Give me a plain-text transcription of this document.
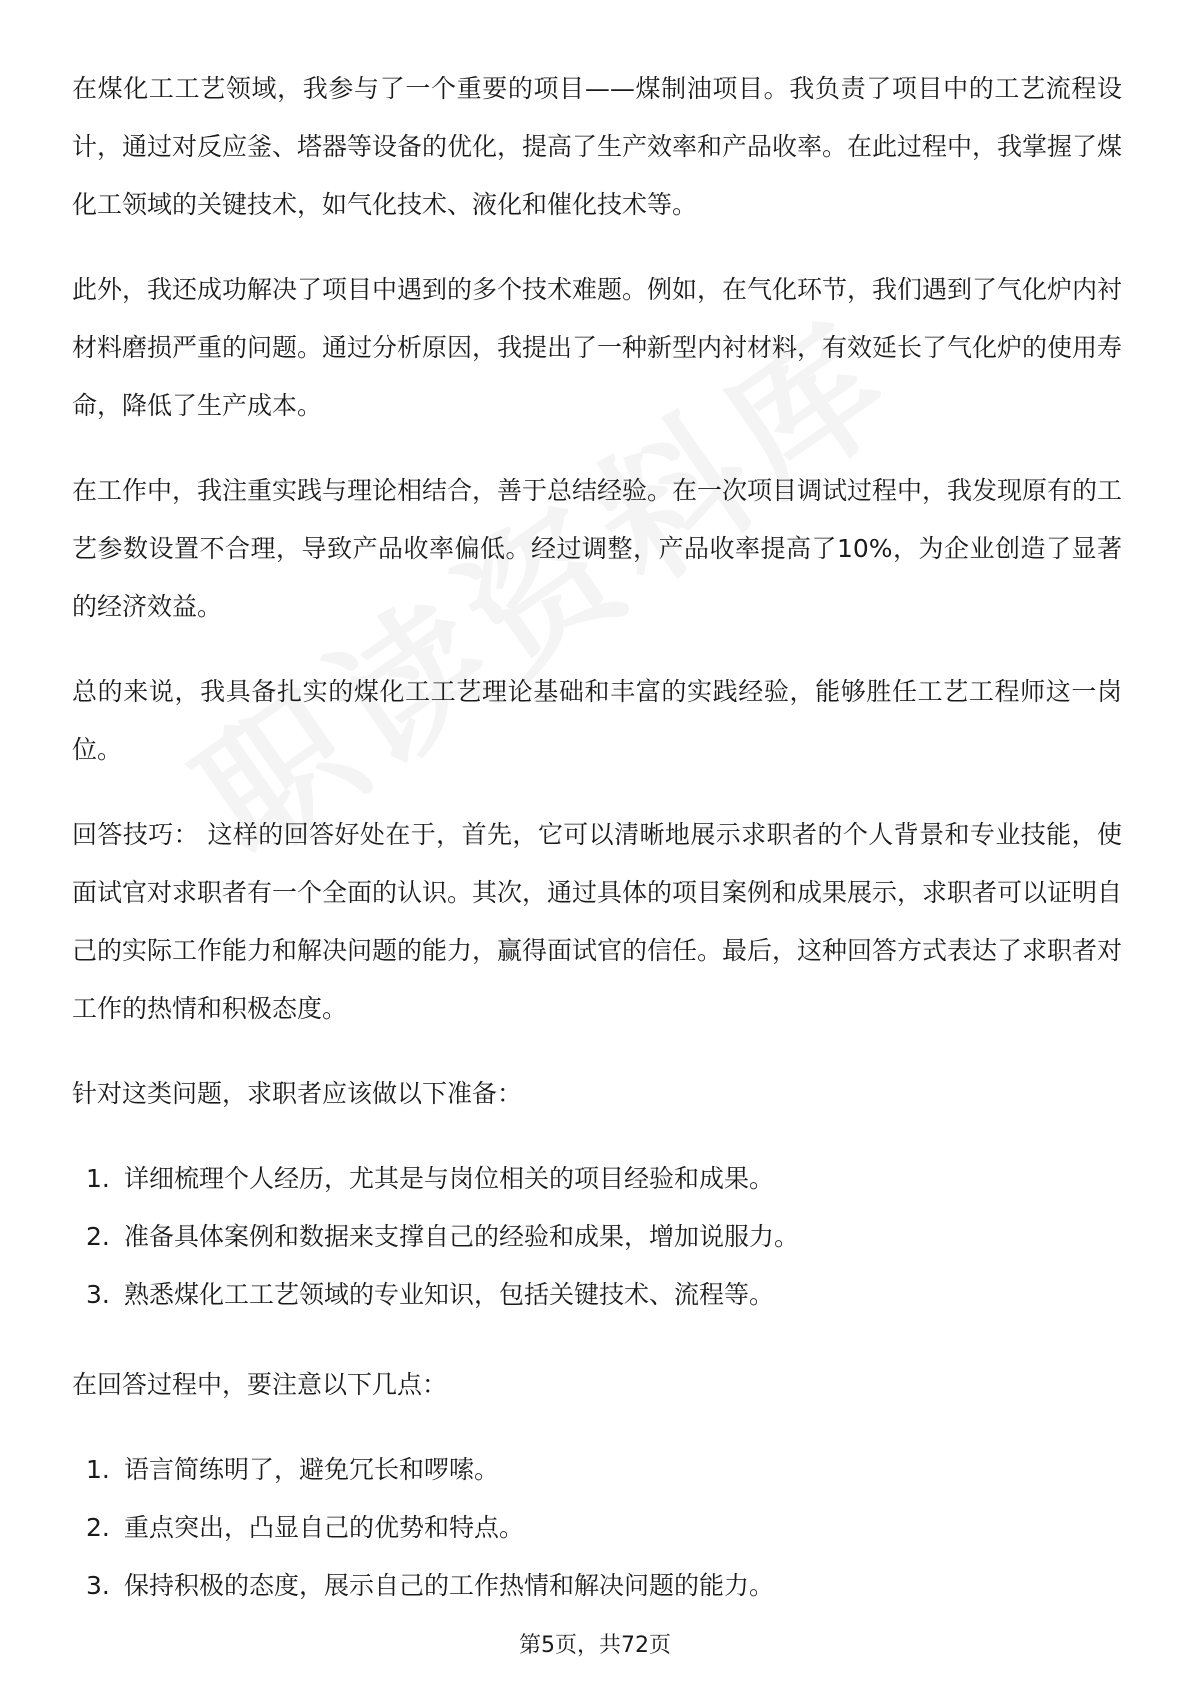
在煤化工工艺领域，我参与了一个重要的项目——煤制油项目。我负责了项目中的工艺流程设计，通过对反应釜、塔器等设备的优化，提高了生产效率和产品收率。在此过程中，我掌握了煤化工领域的关键技术，如气化技术、液化和催化技术等。

此外，我还成功解决了项目中遇到的多个技术难题。例如，在气化环节，我们遇到了气化炉内衬材料磨损严重的问题。通过分析原因，我提出了一种新型内衬材料，有效延长了气化炉的使用寿命，降低了生产成本。

在工作中，我注重实践与理论相结合，善于总结经验。在一次项目调试过程中，我发现原有的工艺参数设置不合理，导致产品收率偏低。经过调整，产品收率提高了10%，为企业创造了显著的经济效益。

总的来说，我具备扎实的煤化工工艺理论基础和丰富的实践经验，能够胜任工艺工程师这一岗位。

回答技巧： 这样的回答好处在于，首先，它可以清晰地展示求职者的个人背景和专业技能，使面试官对求职者有一个全面的认识。其次，通过具体的项目案例和成果展示，求职者可以证明自己的实际工作能力和解决问题的能力，赢得面试官的信任。最后，这种回答方式表达了求职者对工作的热情和积极态度。

针对这类问题，求职者应该做以下准备：

1. 详细梳理个人经历，尤其是与岗位相关的项目经验和成果。
2. 准备具体案例和数据来支撑自己的经验和成果，增加说服力。
3. 熟悉煤化工工艺领域的专业知识，包括关键技术、流程等。

在回答过程中，要注意以下几点：

1. 语言简练明了，避免冗长和啰嗦。
2. 重点突出，凸显自己的优势和特点。
3. 保持积极的态度，展示自己的工作热情和解决问题的能力。
第5页，共72页
